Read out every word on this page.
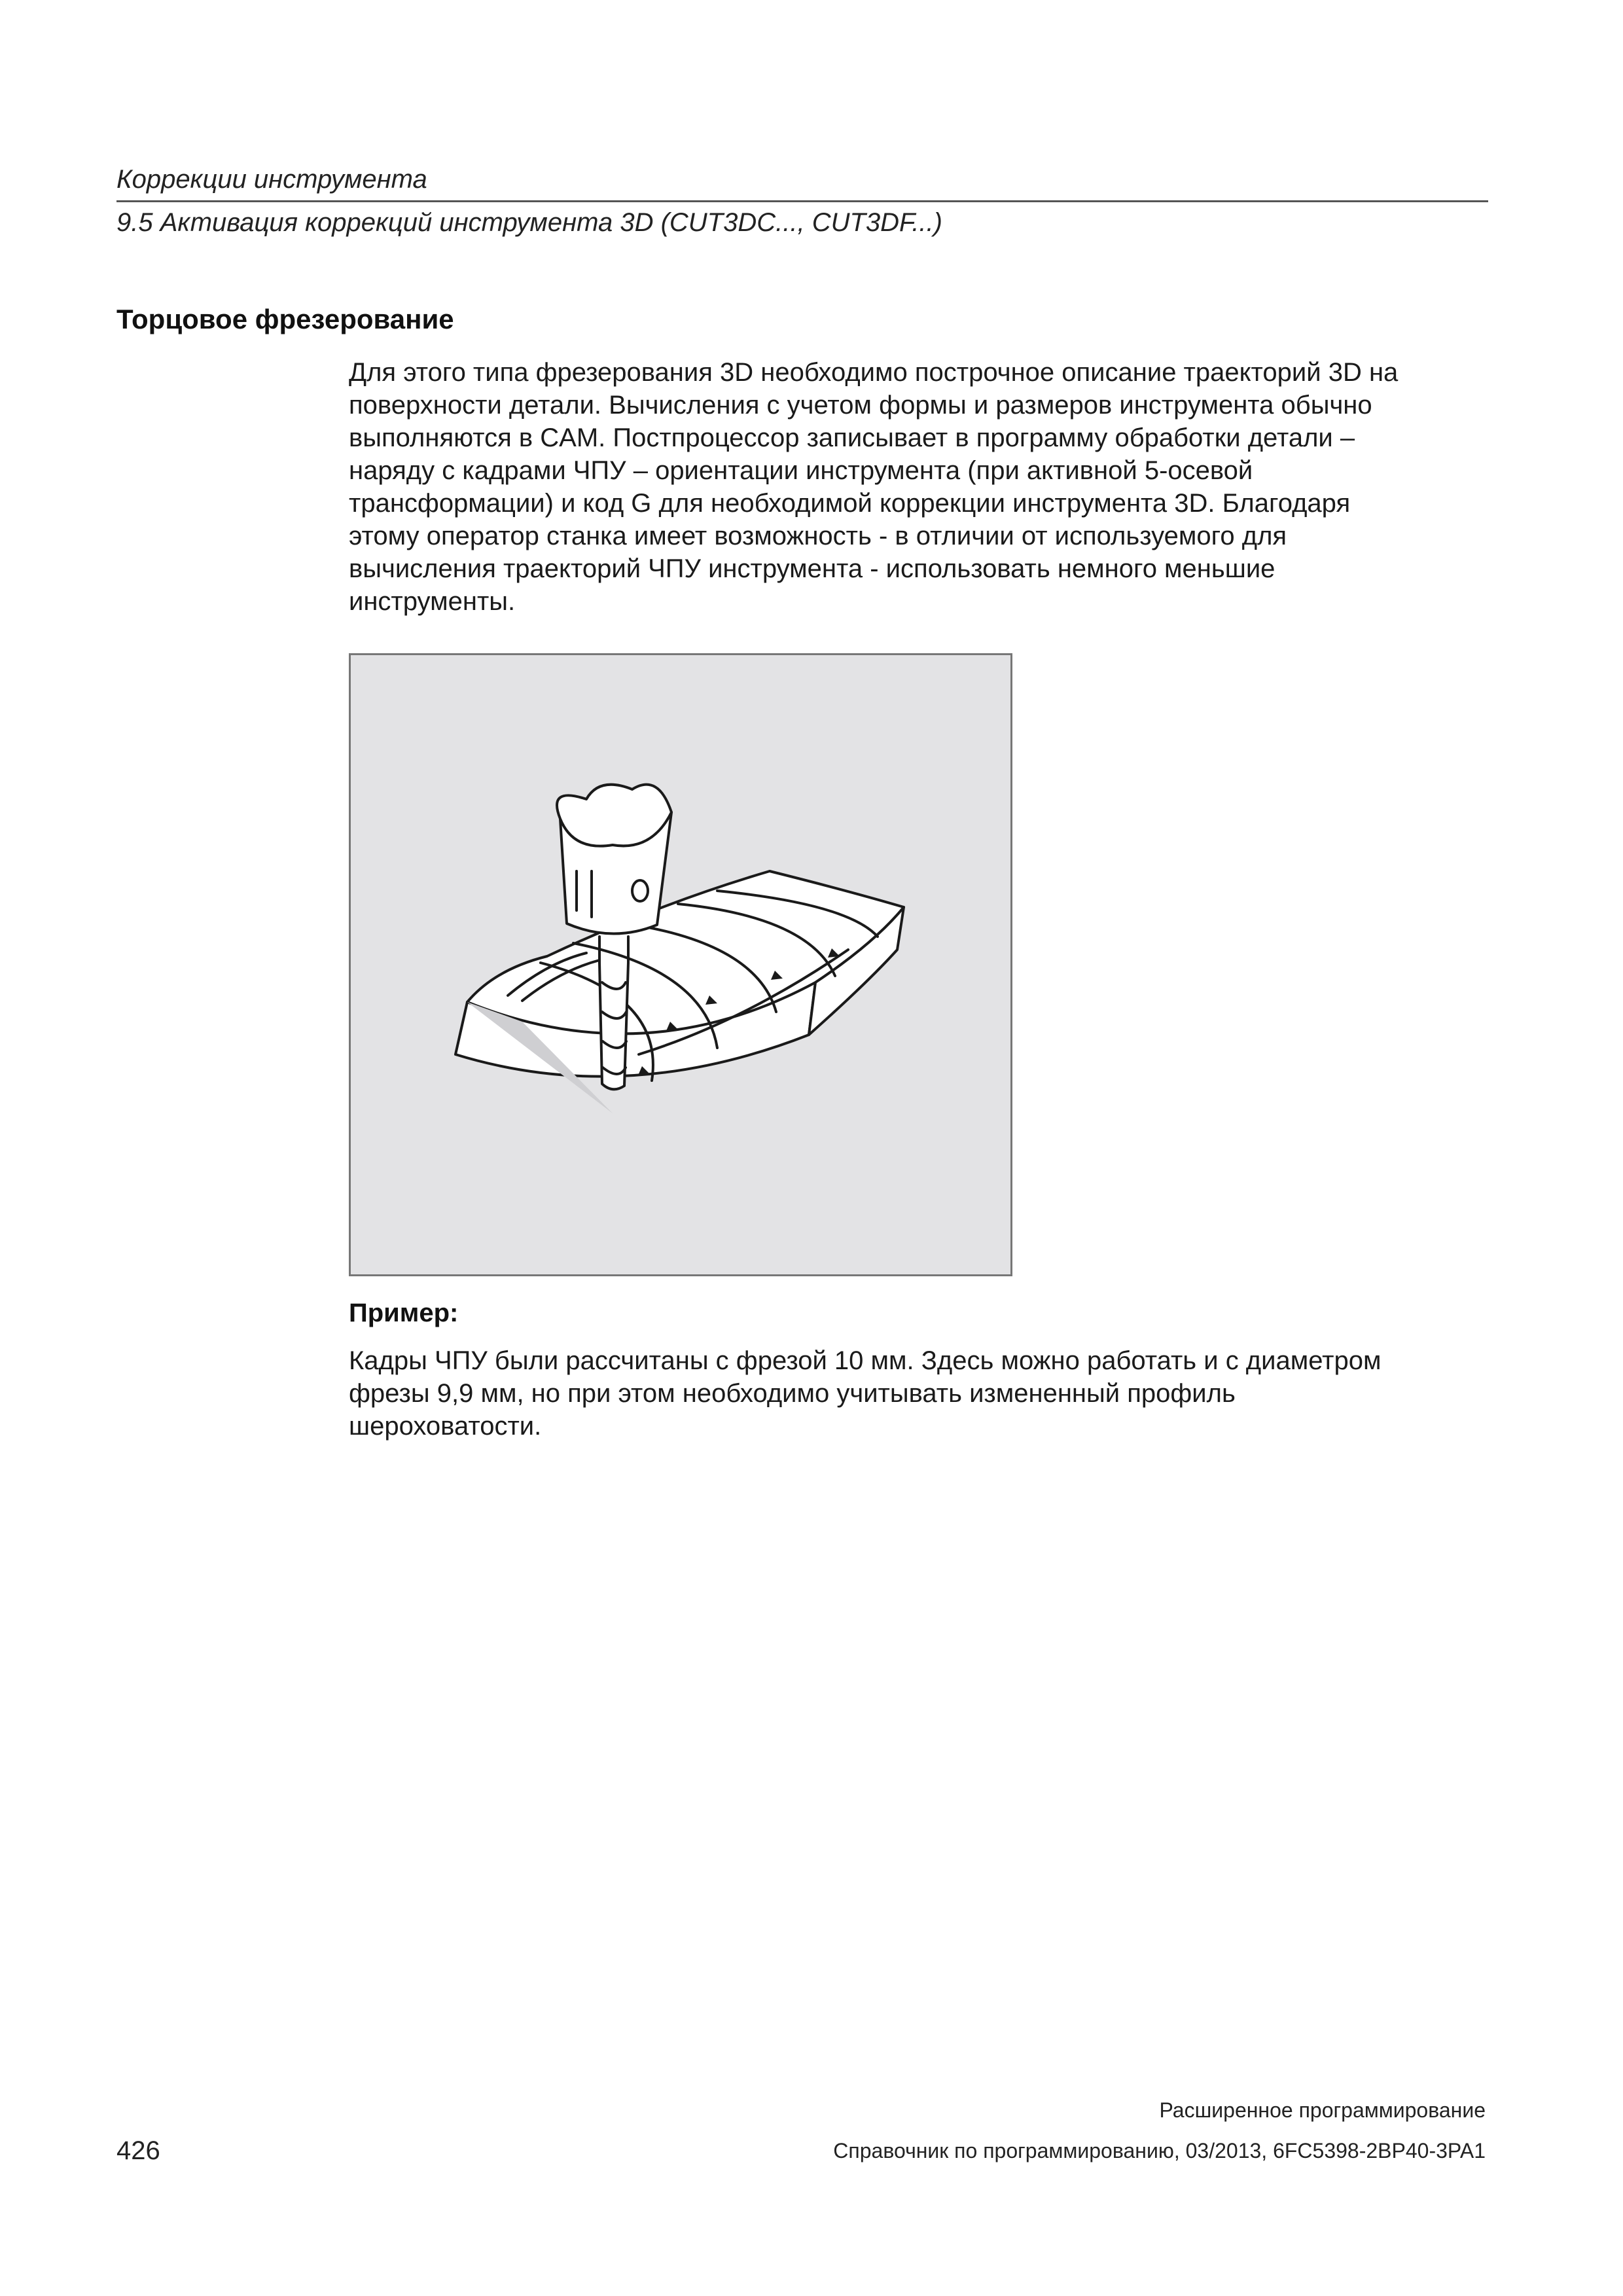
Коррекции инструмента
9.5 Активация коррекций инструмента 3D (CUT3DC..., CUT3DF...)
Торцовое фрезерование
Для этого типа фрезерования 3D необходимо построчное описание траекторий 3D на
поверхности детали. Вычисления с учетом формы и размеров инструмента обычно
выполняются в CAM. Постпроцессор записывает в программу обработки детали –
наряду с кадрами ЧПУ – ориентации инструмента (при активной 5-осевой
трансформации) и код G для необходимой коррекции инструмента 3D. Благодаря
этому оператор станка имеет возможность - в отличии от используемого для
вычисления траекторий ЧПУ инструмента - использовать немного меньшие
инструменты.
Пример:
Кадры ЧПУ были рассчитаны с фрезой 10 мм. Здесь можно работать и с диаметром
фрезы 9,9 мм, но при этом необходимо учитывать измененный профиль
шероховатости.
Расширенное программирование
426	Справочник по программированию, 03/2013, 6FC5398-2BP40-3PA1
